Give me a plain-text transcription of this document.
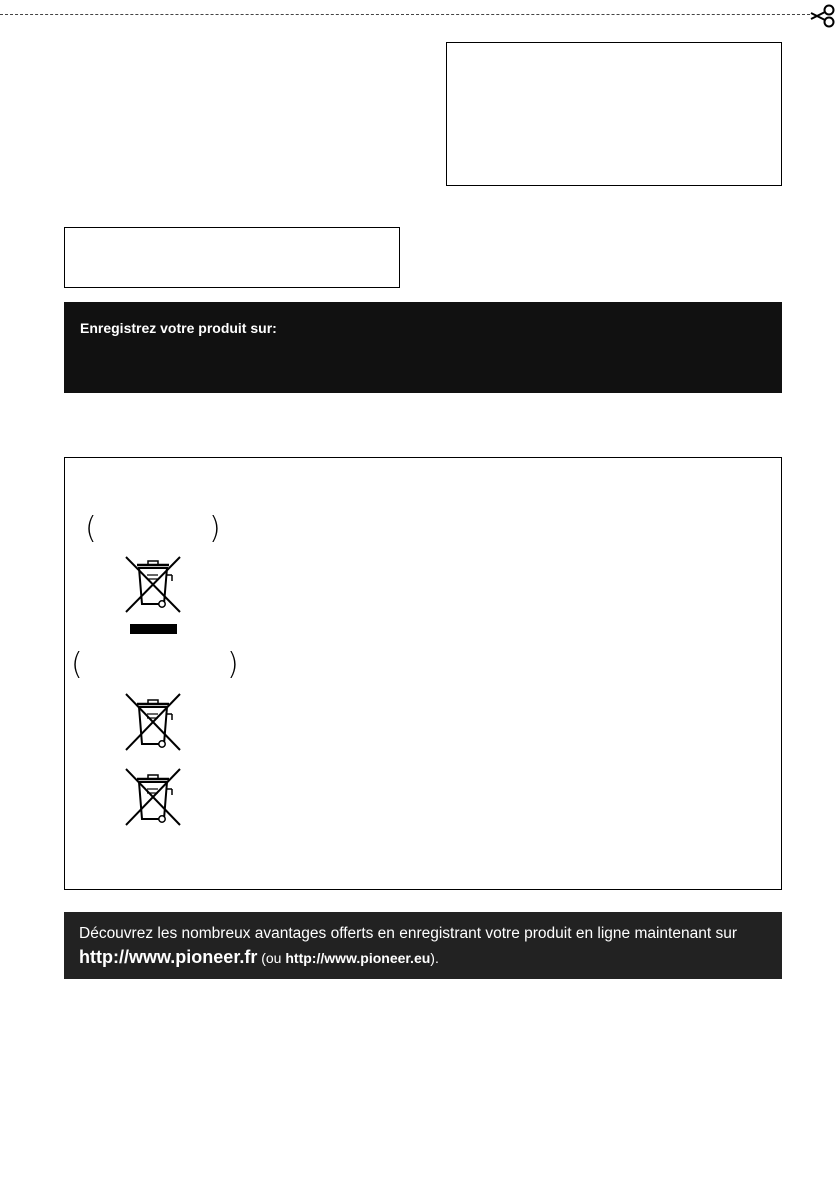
Enregistrez votre produit sur:
(	)
(	)
Découvrez les nombreux avantages offerts en enregistrant votre produit en ligne maintenant sur
http://www.pioneer.fr (ou http://www.pioneer.eu).
